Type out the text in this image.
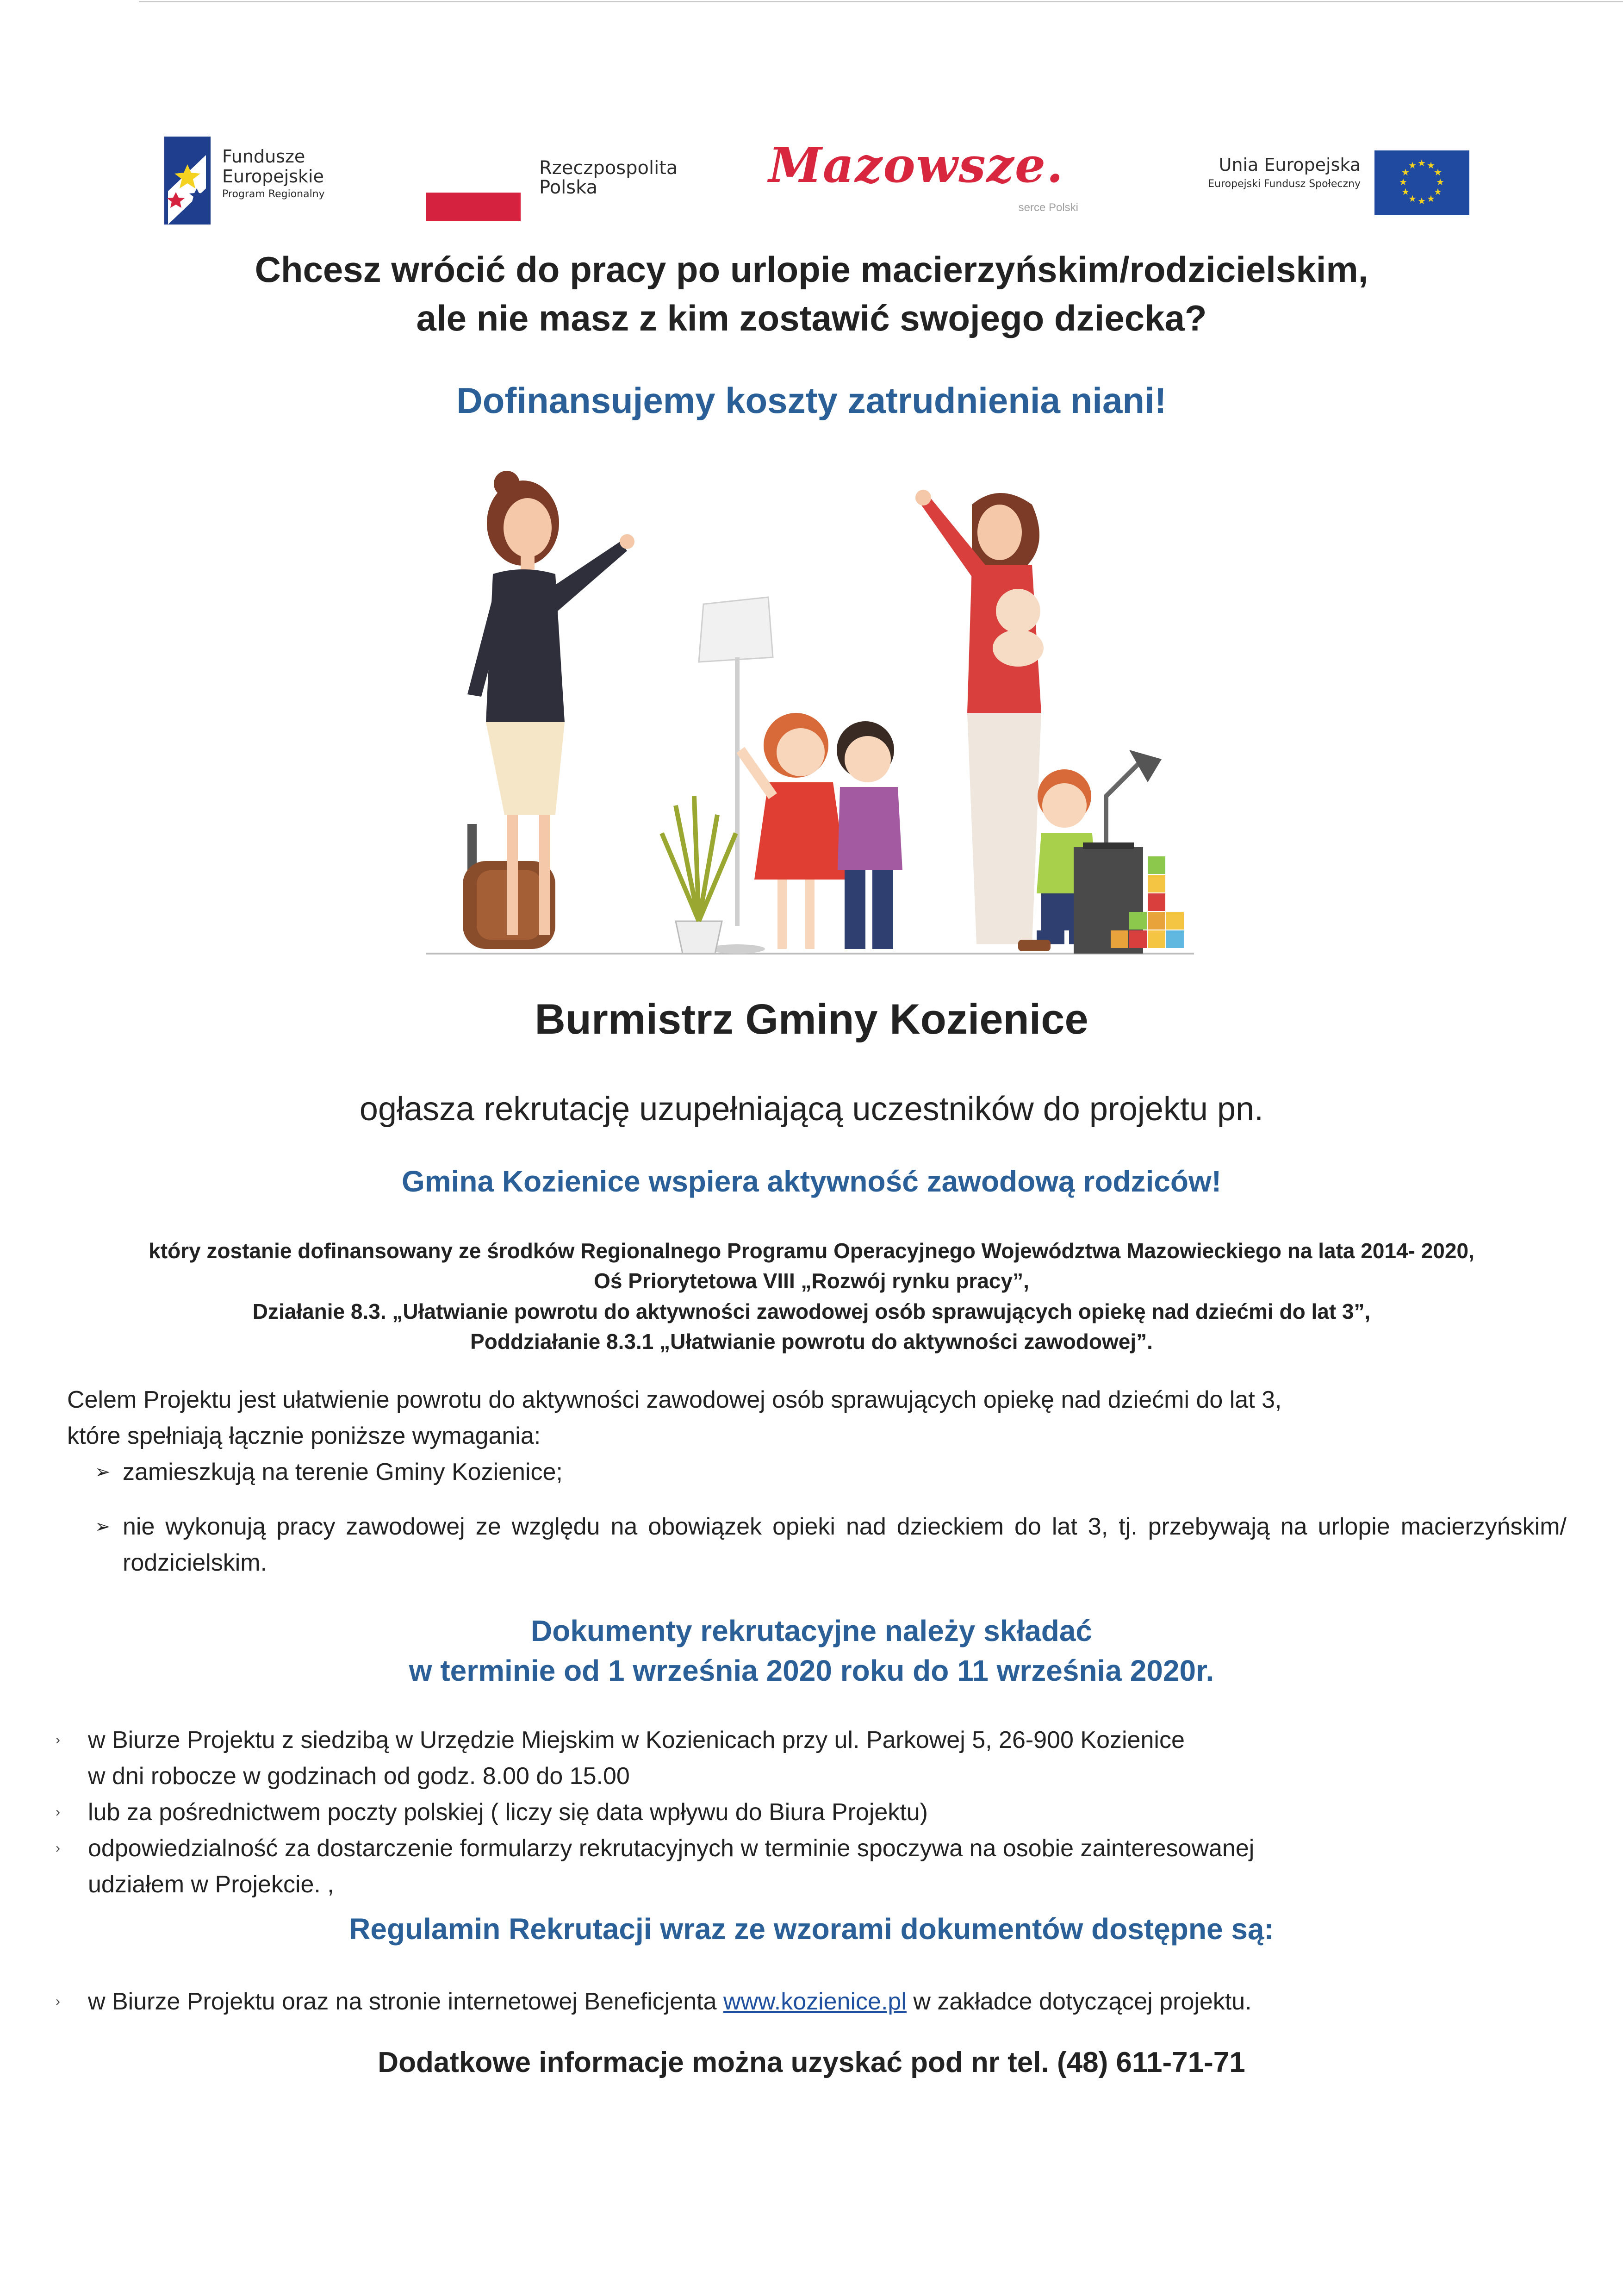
Fundusze
Europejskie
Program Regionalny
Rzeczpospolita
Polska	Mazowsze.
serce Polski
Unia Europejska
Europejski Fundusz Społeczny
★ ★
★
★
★
★
★
★
★
★
★
★
Chcesz wrócić do pracy po urlopie macierzyńskim/rodzicielskim,
ale nie masz z kim zostawić swojego dziecka?
Dofinansujemy koszty zatrudnienia niani!
Burmistrz Gminy Kozienice
ogłasza rekrutację uzupełniającą uczestników do projektu pn.
Gmina Kozienice wspiera aktywność zawodową rodziców!
który zostanie dofinansowany ze środków Regionalnego Programu Operacyjnego Województwa Mazowieckiego na lata 2014- 2020,
Oś Priorytetowa VIII „Rozwój rynku pracy”,
Działanie 8.3. „Ułatwianie powrotu do aktywności zawodowej osób sprawujących opiekę nad dziećmi do lat 3”,
Poddziałanie 8.3.1 „Ułatwianie powrotu do aktywności zawodowej”.
Celem Projektu jest ułatwienie powrotu do aktywności zawodowej osób sprawujących opiekę nad dziećmi do lat 3,
które spełniają łącznie poniższe wymagania:
➢ zamieszkują na terenie Gminy Kozienice;
➢ nie wykonują pracy zawodowej ze względu na obowiązek opieki nad dzieckiem do lat 3, tj. przebywają na urlopie macierzyńskim/ rodzicielskim.
Dokumenty rekrutacyjne należy składać
w terminie od 1 września 2020 roku do 11 września 2020r.
›	w Biurze Projektu z siedzibą w Urzędzie Miejskim w Kozienicach przy ul. Parkowej 5, 26-900 Kozienice
w dni robocze w godzinach od godz. 8.00 do 15.00
›	lub za pośrednictwem poczty polskiej ( liczy się data wpływu do Biura Projektu)
›	odpowiedzialność za dostarczenie formularzy rekrutacyjnych w terminie spoczywa na osobie zainteresowanej
udziałem w Projekcie. ,
Regulamin Rekrutacji wraz ze wzorami dokumentów dostępne są:
›	w Biurze Projektu oraz na stronie internetowej Beneficjenta www.kozienice.pl w zakładce dotyczącej projektu.
Dodatkowe informacje można uzyskać pod nr tel. (48) 611-71-71
